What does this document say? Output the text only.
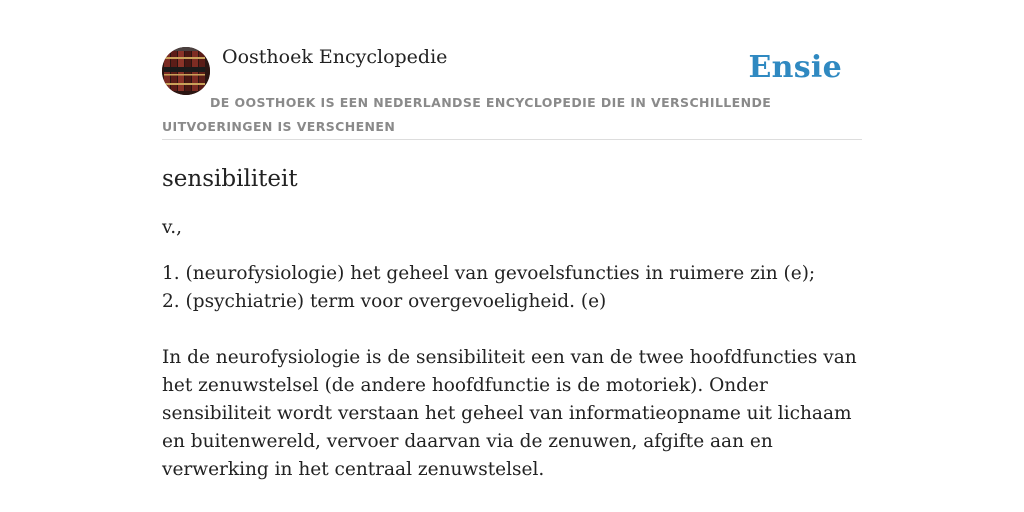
Oosthoek Encyclopedie	Ensie

DE OOSTHOEK IS EEN NEDERLANDSE ENCYCLOPEDIE DIE IN VERSCHILLENDE UITVOERINGEN IS VERSCHENEN

sensibiliteit

v.,

1. (neurofysiologie) het geheel van gevoelsfuncties in ruimere zin (e);
2. (psychiatrie) term voor overgevoeligheid. (e)

In de neurofysiologie is de sensibiliteit een van de twee hoofdfuncties van het zenuwstelsel (de andere hoofdfunctie is de motoriek). Onder sensibiliteit wordt verstaan het geheel van informatieopname uit lichaam en buitenwereld, vervoer daarvan via de zenuwen, afgifte aan en verwerking in het centraal zenuwstelsel.
